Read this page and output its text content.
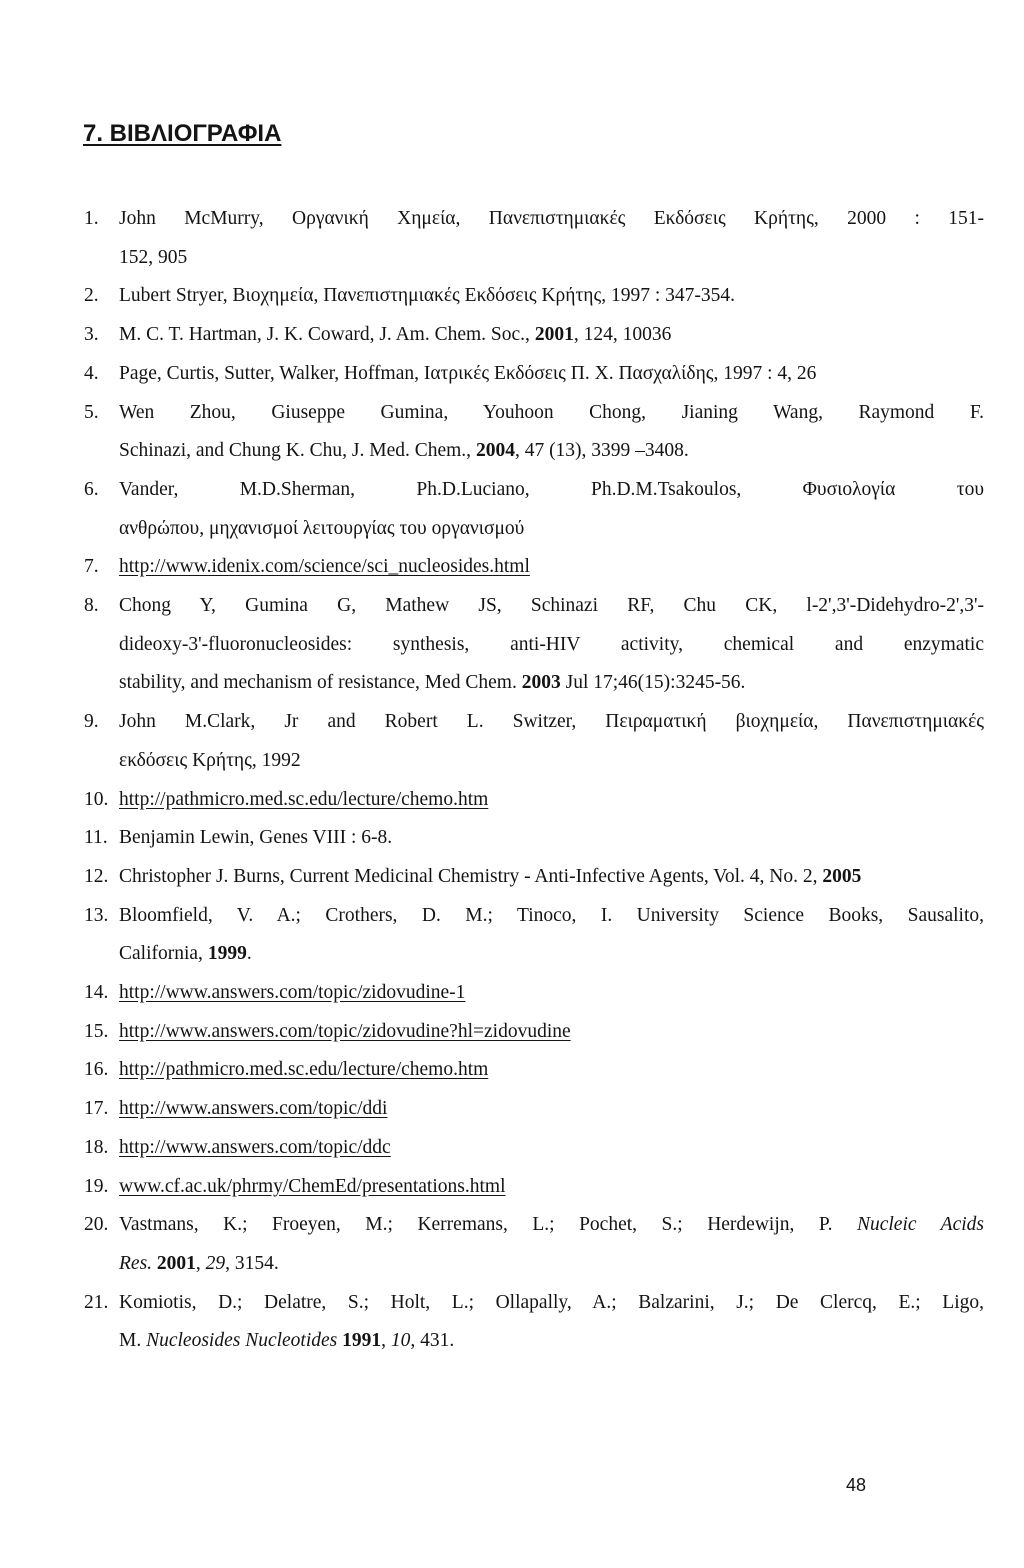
7. ΒΙΒΛΙΟΓΡΑΦΙΑ
1. John McMurry, Οργανική Χημεία, Πανεπιστημιακές Εκδόσεις Κρήτης, 2000 : 151-
152, 905
2. Lubert Stryer, Βιοχημεία, Πανεπιστημιακές Εκδόσεις Κρήτης, 1997 : 347-354.
3. M. C. T. Hartman, J. K. Coward, J. Am. Chem. Soc., 2001, 124, 10036
4. Page, Curtis, Sutter, Walker, Hoffman, Ιατρικές Εκδόσεις Π. Χ. Πασχαλίδης, 1997 : 4, 26
5. Wen Zhou, Giuseppe Gumina, Youhoon Chong, Jianing Wang, Raymond F.
Schinazi, and Chung K. Chu, J. Med. Chem., 2004, 47 (13), 3399 –3408.
6. Vander, M.D.Sherman, Ph.D.Luciano, Ph.D.M.Tsakoulos, Φυσιολογία του
ανθρώπου, μηχανισμοί λειτουργίας του οργανισμού
7. http://www.idenix.com/science/sci_nucleosides.html
8. Chong Y, Gumina G, Mathew JS, Schinazi RF, Chu CK, l-2',3'-Didehydro-2',3'-
dideoxy-3'-fluoronucleosides: synthesis, anti-HIV activity, chemical and enzymatic
stability, and mechanism of resistance, Med Chem. 2003 Jul 17;46(15):3245-56.
9. John M.Clark, Jr and Robert L. Switzer, Πειραματική βιοχημεία, Πανεπιστημιακές
εκδόσεις Κρήτης, 1992
10. http://pathmicro.med.sc.edu/lecture/chemo.htm
11. Benjamin Lewin, Genes VIII : 6-8.
12. Christopher J. Burns, Current Medicinal Chemistry - Anti-Infective Agents, Vol. 4, No. 2, 2005
13. Bloomfield, V. A.; Crothers, D. M.; Tinoco, I. University Science Books, Sausalito,
California, 1999.
14. http://www.answers.com/topic/zidovudine-1
15. http://www.answers.com/topic/zidovudine?hl=zidovudine
16. http://pathmicro.med.sc.edu/lecture/chemo.htm
17. http://www.answers.com/topic/ddi
18. http://www.answers.com/topic/ddc
19. www.cf.ac.uk/phrmy/ChemEd/presentations.html
20. Vastmans, K.; Froeyen, M.; Kerremans, L.; Pochet, S.; Herdewijn, P. Nucleic Acids
Res. 2001, 29, 3154.
21. Komiotis, D.; Delatre, S.; Holt, L.; Ollapally, A.; Balzarini, J.; De Clercq, E.; Ligo,
M. Nucleosides Nucleotides 1991, 10, 431.
48
